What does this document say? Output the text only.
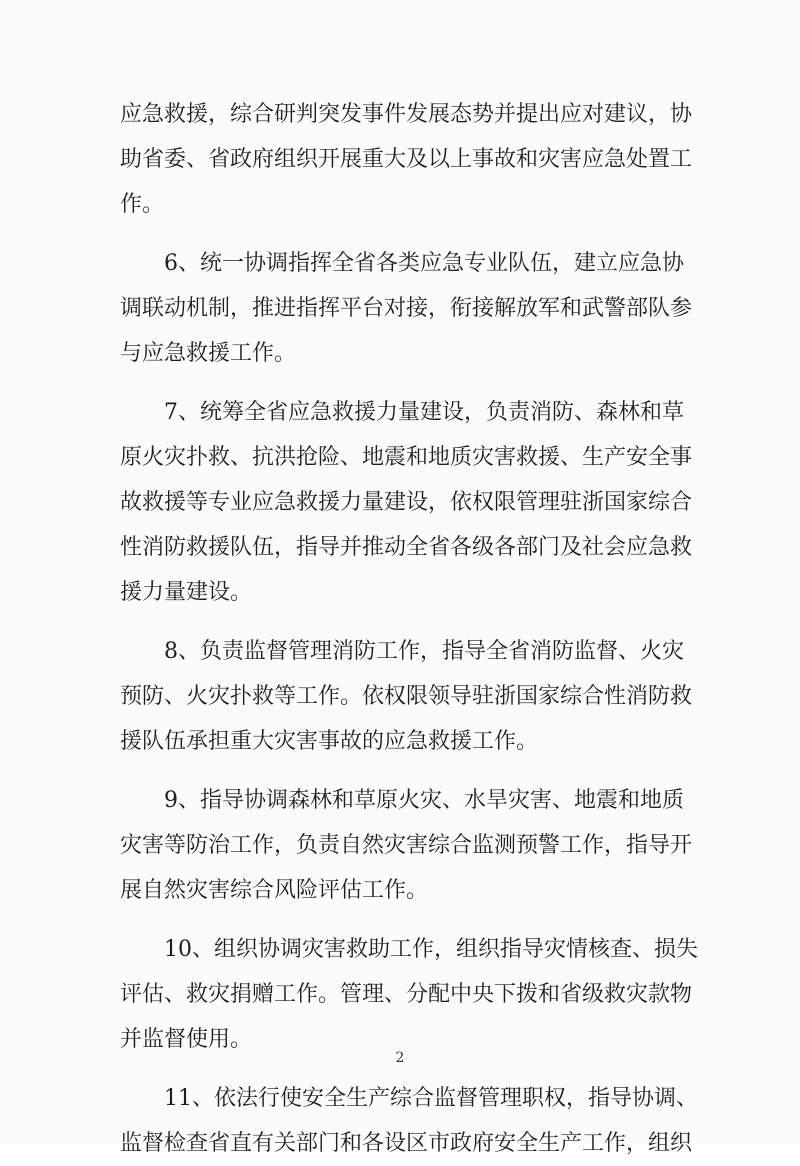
应急救援，综合研判突发事件发展态势并提出应对建议，协
助省委、省政府组织开展重大及以上事故和灾害应急处置工
作。
6、统一协调指挥全省各类应急专业队伍，建立应急协
调联动机制，推进指挥平台对接，衔接解放军和武警部队参
与应急救援工作。
7、统筹全省应急救援力量建设，负责消防、森林和草
原火灾扑救、抗洪抢险、地震和地质灾害救援、生产安全事
故救援等专业应急救援力量建设，依权限管理驻浙国家综合
性消防救援队伍，指导并推动全省各级各部门及社会应急救
援力量建设。
8、负责监督管理消防工作，指导全省消防监督、火灾
预防、火灾扑救等工作。依权限领导驻浙国家综合性消防救
援队伍承担重大灾害事故的应急救援工作。
9、指导协调森林和草原火灾、水旱灾害、地震和地质
灾害等防治工作，负责自然灾害综合监测预警工作，指导开
展自然灾害综合风险评估工作。
10、组织协调灾害救助工作，组织指导灾情核查、损失
评估、救灾捐赠工作。管理、分配中央下拨和省级救灾款物
并监督使用。
11、依法行使安全生产综合监督管理职权，指导协调、
监督检查省直有关部门和各设区市政府安全生产工作，组织
2
